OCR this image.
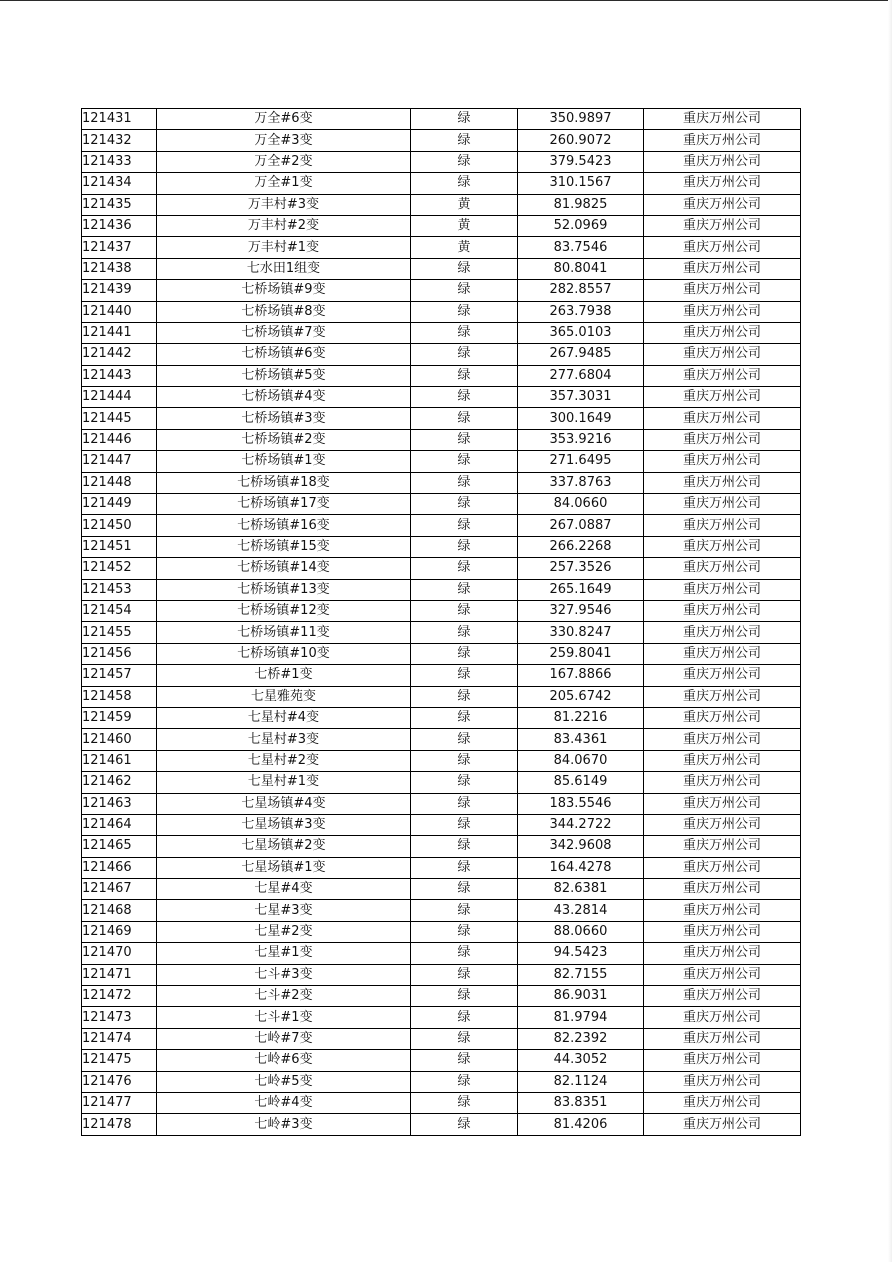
121431	万全#6变	绿	350.9897	重庆万州公司
121432	万全#3变	绿	260.9072	重庆万州公司
121433	万全#2变	绿	379.5423	重庆万州公司
121434	万全#1变	绿	310.1567	重庆万州公司
121435	万丰村#3变	黄	81.9825	重庆万州公司
121436	万丰村#2变	黄	52.0969	重庆万州公司
121437	万丰村#1变	黄	83.7546	重庆万州公司
121438	七水田1组变	绿	80.8041	重庆万州公司
121439	七桥场镇#9变	绿	282.8557	重庆万州公司
121440	七桥场镇#8变	绿	263.7938	重庆万州公司
121441	七桥场镇#7变	绿	365.0103	重庆万州公司
121442	七桥场镇#6变	绿	267.9485	重庆万州公司
121443	七桥场镇#5变	绿	277.6804	重庆万州公司
121444	七桥场镇#4变	绿	357.3031	重庆万州公司
121445	七桥场镇#3变	绿	300.1649	重庆万州公司
121446	七桥场镇#2变	绿	353.9216	重庆万州公司
121447	七桥场镇#1变	绿	271.6495	重庆万州公司
121448	七桥场镇#18变	绿	337.8763	重庆万州公司
121449	七桥场镇#17变	绿	84.0660	重庆万州公司
121450	七桥场镇#16变	绿	267.0887	重庆万州公司
121451	七桥场镇#15变	绿	266.2268	重庆万州公司
121452	七桥场镇#14变	绿	257.3526	重庆万州公司
121453	七桥场镇#13变	绿	265.1649	重庆万州公司
121454	七桥场镇#12变	绿	327.9546	重庆万州公司
121455	七桥场镇#11变	绿	330.8247	重庆万州公司
121456	七桥场镇#10变	绿	259.8041	重庆万州公司
121457	七桥#1变	绿	167.8866	重庆万州公司
121458	七星雅苑变	绿	205.6742	重庆万州公司
121459	七星村#4变	绿	81.2216	重庆万州公司
121460	七星村#3变	绿	83.4361	重庆万州公司
121461	七星村#2变	绿	84.0670	重庆万州公司
121462	七星村#1变	绿	85.6149	重庆万州公司
121463	七星场镇#4变	绿	183.5546	重庆万州公司
121464	七星场镇#3变	绿	344.2722	重庆万州公司
121465	七星场镇#2变	绿	342.9608	重庆万州公司
121466	七星场镇#1变	绿	164.4278	重庆万州公司
121467	七星#4变	绿	82.6381	重庆万州公司
121468	七星#3变	绿	43.2814	重庆万州公司
121469	七星#2变	绿	88.0660	重庆万州公司
121470	七星#1变	绿	94.5423	重庆万州公司
121471	七斗#3变	绿	82.7155	重庆万州公司
121472	七斗#2变	绿	86.9031	重庆万州公司
121473	七斗#1变	绿	81.9794	重庆万州公司
121474	七岭#7变	绿	82.2392	重庆万州公司
121475	七岭#6变	绿	44.3052	重庆万州公司
121476	七岭#5变	绿	82.1124	重庆万州公司
121477	七岭#4变	绿	83.8351	重庆万州公司
121478	七岭#3变	绿	81.4206	重庆万州公司
